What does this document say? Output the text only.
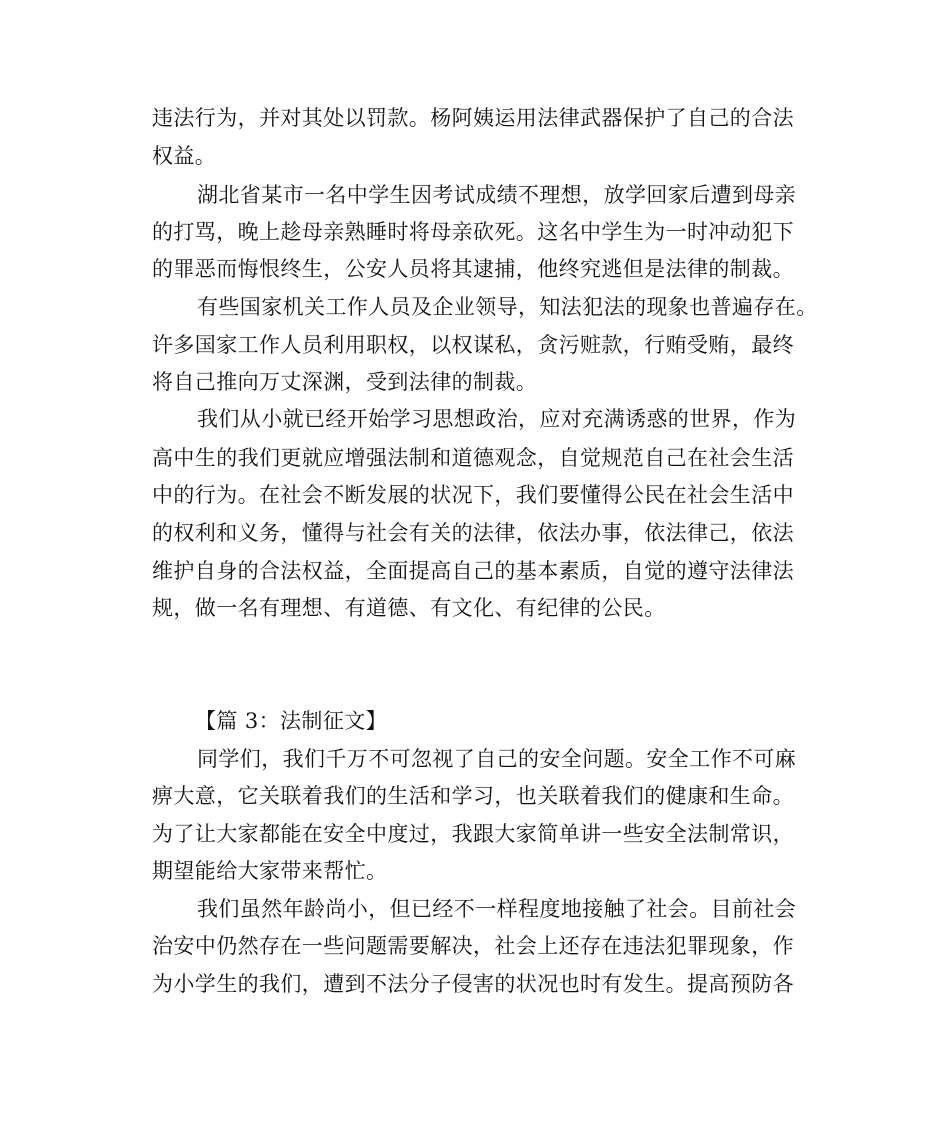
违法行为，并对其处以罚款。杨阿姨运用法律武器保护了自己的合法
权益。
湖北省某市一名中学生因考试成绩不理想，放学回家后遭到母亲
的打骂，晚上趁母亲熟睡时将母亲砍死。这名中学生为一时冲动犯下
的罪恶而悔恨终生，公安人员将其逮捕，他终究逃但是法律的制裁。
有些国家机关工作人员及企业领导，知法犯法的现象也普遍存在。
许多国家工作人员利用职权，以权谋私，贪污赃款，行贿受贿，最终
将自己推向万丈深渊，受到法律的制裁。
我们从小就已经开始学习思想政治，应对充满诱惑的世界，作为
高中生的我们更就应增强法制和道德观念，自觉规范自己在社会生活
中的行为。在社会不断发展的状况下，我们要懂得公民在社会生活中
的权利和义务，懂得与社会有关的法律，依法办事，依法律己，依法
维护自身的合法权益，全面提高自己的基本素质，自觉的遵守法律法
规，做一名有理想、有道德、有文化、有纪律的公民。
【篇 3：法制征文】
同学们，我们千万不可忽视了自己的安全问题。安全工作不可麻
痹大意，它关联着我们的生活和学习，也关联着我们的健康和生命。
为了让大家都能在安全中度过，我跟大家简单讲一些安全法制常识，
期望能给大家带来帮忙。
我们虽然年龄尚小，但已经不一样程度地接触了社会。目前社会
治安中仍然存在一些问题需要解决，社会上还存在违法犯罪现象，作
为小学生的我们，遭到不法分子侵害的状况也时有发生。提高预防各
